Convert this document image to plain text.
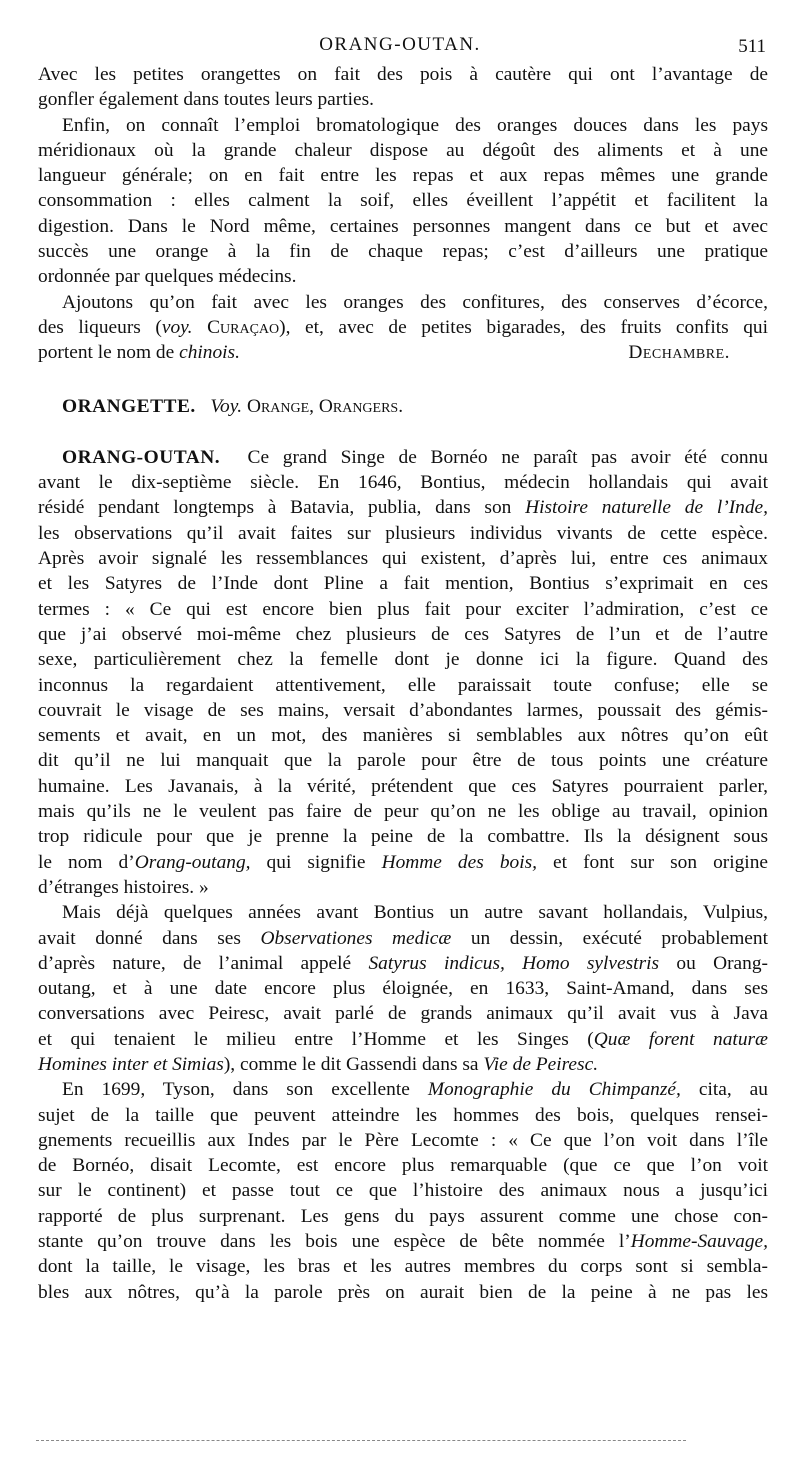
ORANG-OUTAN.	511
Avec les petites orangettes on fait des pois à cautère qui ont l’avantage de
gonfler également dans toutes leurs parties.
Enfin, on connaît l’emploi bromatologique des oranges douces dans les pays
méridionaux où la grande chaleur dispose au dégoût des aliments et à une
langueur générale; on en fait entre les repas et aux repas mêmes une grande
consommation : elles calment la soif, elles éveillent l’appétit et facilitent la
digestion. Dans le Nord même, certaines personnes mangent dans ce but et avec
succès une orange à la fin de chaque repas; c’est d’ailleurs une pratique
ordonnée par quelques médecins.
Ajoutons qu’on fait avec les oranges des confitures, des conserves d’écorce,
des liqueurs (voy. Curaçao), et, avec de petites bigarades, des fruits confits qui
portent le nom de chinois.	Dechambre.
ORANGETTE. Voy. Orange, Orangers.
ORANG-OUTAN. Ce grand Singe de Bornéo ne paraît pas avoir été connu
avant le dix-septième siècle. En 1646, Bontius, médecin hollandais qui avait
résidé pendant longtemps à Batavia, publia, dans son Histoire naturelle de l’Inde,
les observations qu’il avait faites sur plusieurs individus vivants de cette espèce.
Après avoir signalé les ressemblances qui existent, d’après lui, entre ces animaux
et les Satyres de l’Inde dont Pline a fait mention, Bontius s’exprimait en ces
termes : « Ce qui est encore bien plus fait pour exciter l’admiration, c’est ce
que j’ai observé moi-même chez plusieurs de ces Satyres de l’un et de l’autre
sexe, particulièrement chez la femelle dont je donne ici la figure. Quand des
inconnus la regardaient attentivement, elle paraissait toute confuse; elle se
couvrait le visage de ses mains, versait d’abondantes larmes, poussait des gémis-
sements et avait, en un mot, des manières si semblables aux nôtres qu’on eût
dit qu’il ne lui manquait que la parole pour être de tous points une créature
humaine. Les Javanais, à la vérité, prétendent que ces Satyres pourraient parler,
mais qu’ils ne le veulent pas faire de peur qu’on ne les oblige au travail, opinion
trop ridicule pour que je prenne la peine de la combattre. Ils la désignent sous
le nom d’Orang-outang, qui signifie Homme des bois, et font sur son origine
d’étranges histoires. »
Mais déjà quelques années avant Bontius un autre savant hollandais, Vulpius,
avait donné dans ses Observationes medicæ un dessin, exécuté probablement
d’après nature, de l’animal appelé Satyrus indicus, Homo sylvestris ou Orang-
outang, et à une date encore plus éloignée, en 1633, Saint-Amand, dans ses
conversations avec Peiresc, avait parlé de grands animaux qu’il avait vus à Java
et qui tenaient le milieu entre l’Homme et les Singes (Quæ forent naturæ
Homines inter et Simias), comme le dit Gassendi dans sa Vie de Peiresc.
En 1699, Tyson, dans son excellente Monographie du Chimpanzé, cita, au
sujet de la taille que peuvent atteindre les hommes des bois, quelques rensei-
gnements recueillis aux Indes par le Père Lecomte : « Ce que l’on voit dans l’île
de Bornéo, disait Lecomte, est encore plus remarquable (que ce que l’on voit
sur le continent) et passe tout ce que l’histoire des animaux nous a jusqu’ici
rapporté de plus surprenant. Les gens du pays assurent comme une chose con-
stante qu’on trouve dans les bois une espèce de bête nommée l’Homme-Sauvage,
dont la taille, le visage, les bras et les autres membres du corps sont si sembla-
bles aux nôtres, qu’à la parole près on aurait bien de la peine à ne pas les
